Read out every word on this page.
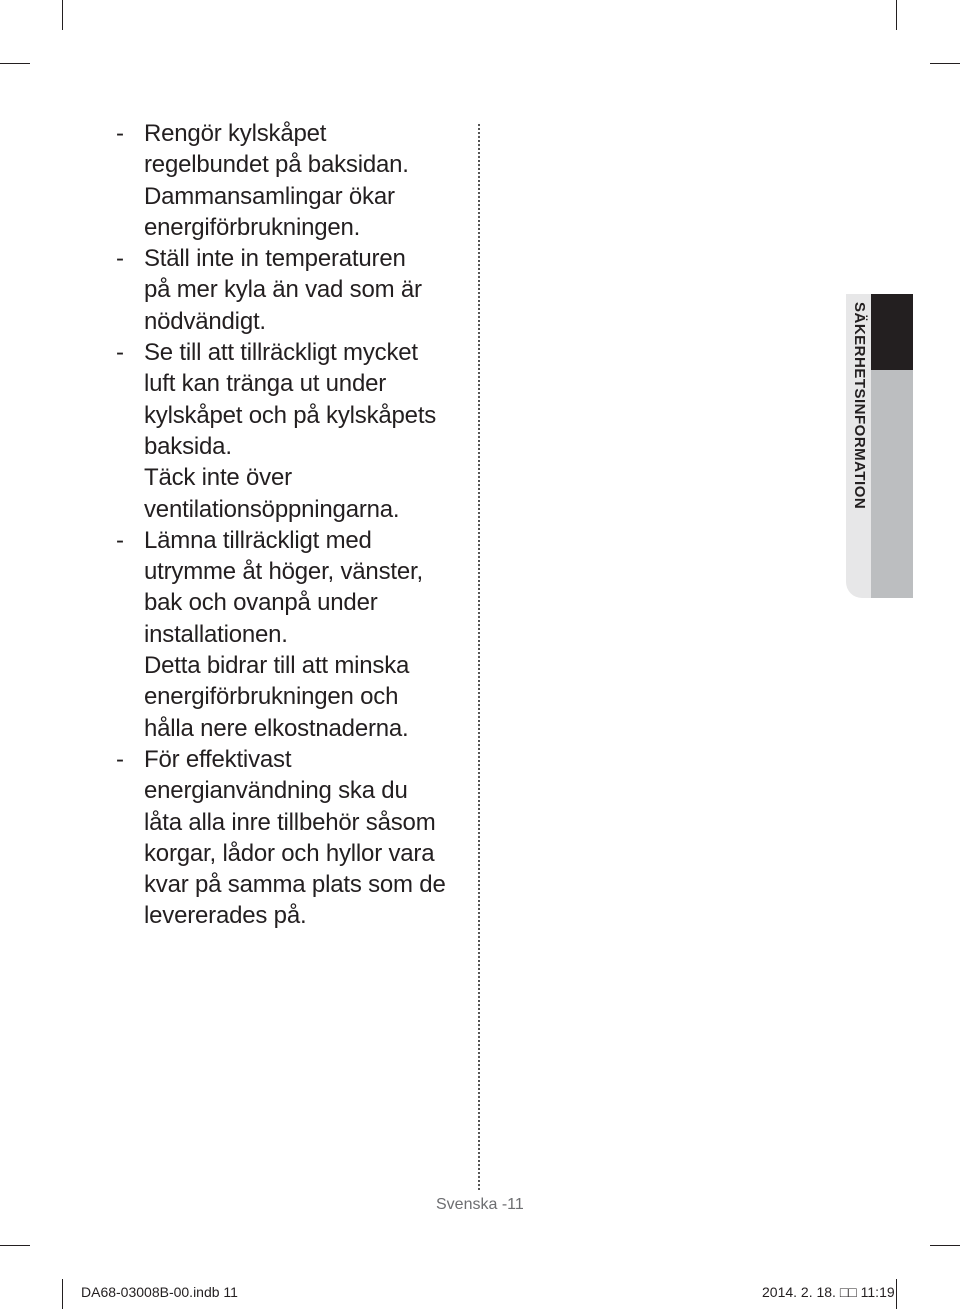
- Rengör kylskåpet
regelbundet på baksidan.
Dammansamlingar ökar
energiförbrukningen.
- Ställ inte in temperaturen
på mer kyla än vad som är
nödvändigt.
- Se till att tillräckligt mycket
luft kan tränga ut under
kylskåpet och på kylskåpets
baksida.
Täck inte över
ventilationsöppningarna.
- Lämna tillräckligt med
utrymme åt höger, vänster,
bak och ovanpå under
installationen.
Detta bidrar till att minska
energiförbrukningen och
hålla nere elkostnaderna.
- För effektivast
energianvändning ska du
låta alla inre tillbehör såsom
korgar, lådor och hyllor vara
kvar på samma plats som de
levererades på.
SÄKERHETSINFORMATION
Svenska -11
DA68-03008B-00.indb 11	2014. 2. 18. □□ 11:19
